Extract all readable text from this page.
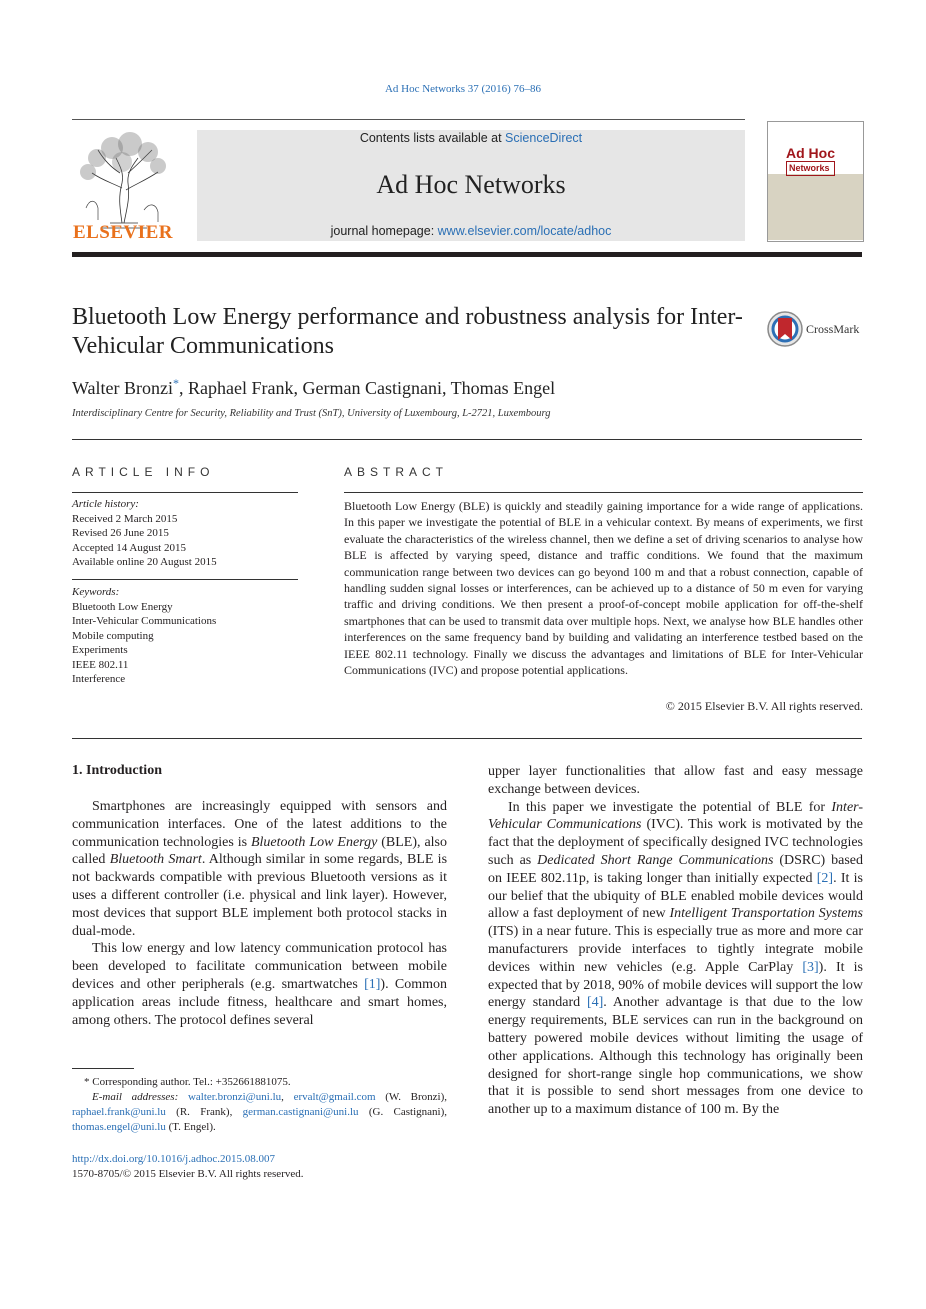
Ad Hoc Networks 37 (2016) 76–86
ELSEVIER
Contents lists available at ScienceDirect
Ad Hoc Networks
journal homepage: www.elsevier.com/locate/adhoc
Ad Hoc
Networks
Bluetooth Low Energy performance and robustness analysis for Inter-Vehicular Communications
CrossMark
Walter Bronzi*, Raphael Frank, German Castignani, Thomas Engel
Interdisciplinary Centre for Security, Reliability and Trust (SnT), University of Luxembourg, L-2721, Luxembourg
ARTICLE INFO
Article history:
Received 2 March 2015
Revised 26 June 2015
Accepted 14 August 2015
Available online 20 August 2015
Keywords:
Bluetooth Low Energy
Inter-Vehicular Communications
Mobile computing
Experiments
IEEE 802.11
Interference
ABSTRACT
Bluetooth Low Energy (BLE) is quickly and steadily gaining importance for a wide range of applications. In this paper we investigate the potential of BLE in a vehicular context. By means of experiments, we first evaluate the characteristics of the wireless channel, then we define a set of driving scenarios to analyse how BLE is affected by varying speed, distance and traffic conditions. We found that the maximum communication range between two devices can go beyond 100 m and that a robust connection, capable of handling sudden signal losses or interferences, can be achieved up to a distance of 50 m even for varying traffic and driving conditions. We then present a proof-of-concept mobile application for off-the-shelf smartphones that can be used to transmit data over multiple hops. Next, we analyse how BLE handles other interferences on the same frequency band by building and validating an interference testbed based on the IEEE 802.11 technology. Finally we discuss the advantages and limitations of BLE for Inter-Vehicular Communications (IVC) and propose potential applications.
© 2015 Elsevier B.V. All rights reserved.
1. Introduction

Smartphones are increasingly equipped with sensors and communication interfaces. One of the latest additions to the communication technologies is Bluetooth Low Energy (BLE), also called Bluetooth Smart. Although similar in some regards, BLE is not backwards compatible with previous Bluetooth versions as it uses a different controller (i.e. physical and link layer). However, most devices that support BLE implement both protocol stacks in dual-mode.

This low energy and low latency communication protocol has been developed to facilitate communication between mobile devices and other peripherals (e.g. smartwatches [1]). Common application areas include fitness, healthcare and smart homes, among others. The protocol defines several

upper layer functionalities that allow fast and easy message exchange between devices.

In this paper we investigate the potential of BLE for Inter-Vehicular Communications (IVC). This work is motivated by the fact that the deployment of specifically designed IVC technologies such as Dedicated Short Range Communications (DSRC) based on IEEE 802.11p, is taking longer than initially expected [2]. It is our belief that the ubiquity of BLE enabled mobile devices would allow a fast deployment of new Intelligent Transportation Systems (ITS) in a near future. This is especially true as more and more car manufacturers provide interfaces to tightly integrate mobile devices within new vehicles (e.g. Apple CarPlay [3]). It is expected that by 2018, 90% of mobile devices will support the low energy standard [4]. Another advantage is that due to the low energy requirements, BLE services can run in the background on battery powered mobile devices without limiting the usage of other applications. Although this technology has originally been designed for short-range single hop communications, we show that it is possible to send short messages from one device to another up to a maximum distance of 100 m. By the

* Corresponding author. Tel.: +352661881075.
E-mail addresses: walter.bronzi@uni.lu, ervalt@gmail.com (W. Bronzi), raphael.frank@uni.lu (R. Frank), german.castignani@uni.lu (G. Castignani), thomas.engel@uni.lu (T. Engel).
http://dx.doi.org/10.1016/j.adhoc.2015.08.007
1570-8705/© 2015 Elsevier B.V. All rights reserved.
